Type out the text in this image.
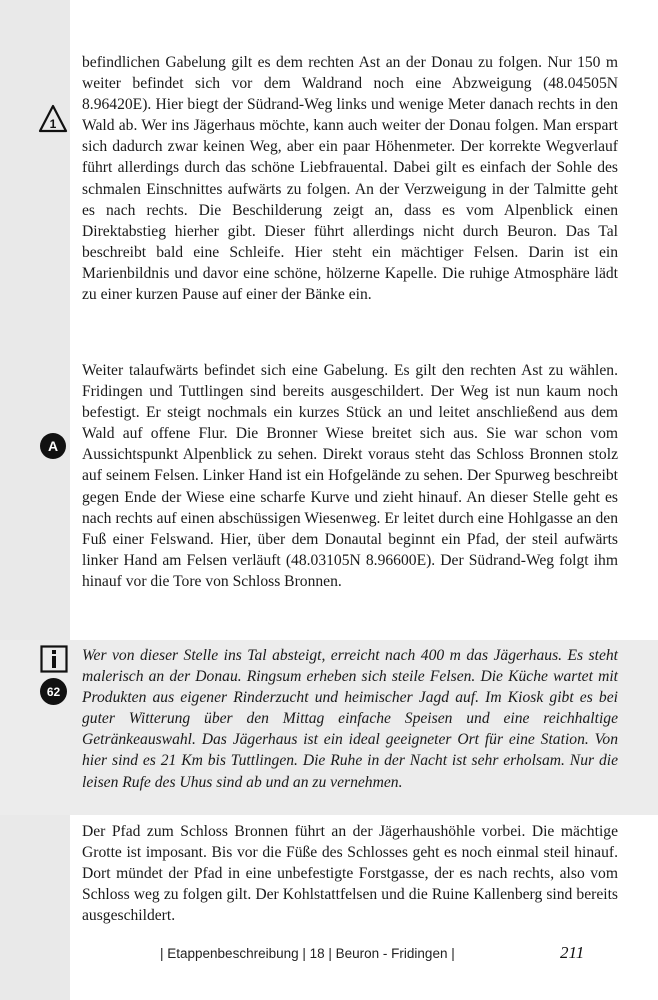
befindlichen Gabelung gilt es dem rechten Ast an der Donau zu folgen. Nur 150 m weiter befindet sich vor dem Waldrand noch eine Abzweigung (48.04505N 8.96420E). Hier biegt der Südrand-Weg links und wenige Meter danach rechts in den Wald ab. Wer ins Jägerhaus möchte, kann auch weiter der Donau folgen. Man erspart sich dadurch zwar keinen Weg, aber ein paar Höhenmeter. Der korrekte Wegverlauf führt allerdings durch das schöne Liebfrauental. Dabei gilt es einfach der Sohle des schmalen Einschnittes aufwärts zu folgen. An der Verzweigung in der Talmitte geht es nach rechts. Die Beschilderung zeigt an, dass es vom Alpenblick einen Direktabstieg hierher gibt. Dieser führt allerdings nicht durch Beuron. Das Tal beschreibt bald eine Schleife. Hier steht ein mächtiger Felsen. Darin ist ein Marienbildnis und davor eine schöne, hölzerne Kapelle. Die ruhige Atmosphäre lädt zu einer kurzen Pause auf einer der Bänke ein.

1

Weiter talaufwärts befindet sich eine Gabelung. Es gilt den rechten Ast zu wählen. Fridingen und Tuttlingen sind bereits ausgeschildert. Der Weg ist nun kaum noch befestigt. Er steigt nochmals ein kurzes Stück an und leitet anschließend aus dem Wald auf offene Flur. Die Bronner Wiese breitet sich aus. Sie war schon vom Aussichtspunkt Alpenblick zu sehen. Direkt voraus steht das Schloss Bronnen stolz auf seinem Felsen. Linker Hand ist ein Hofgelände zu sehen. Der Spurweg beschreibt gegen Ende der Wiese eine scharfe Kurve und zieht hinauf. An dieser Stelle geht es nach rechts auf einen abschüssigen Wiesenweg. Er leitet durch eine Hohlgasse an den Fuß einer Felswand. Hier, über dem Donautal beginnt ein Pfad, der steil aufwärts linker Hand am Felsen verläuft (48.03105N 8.96600E). Der Südrand-Weg folgt ihm hinauf vor die Tore von Schloss Bronnen.

A
62

Wer von dieser Stelle ins Tal absteigt, erreicht nach 400 m das Jägerhaus. Es steht malerisch an der Donau. Ringsum erheben sich steile Felsen. Die Küche wartet mit Produkten aus eigener Rinderzucht und heimischer Jagd auf. Im Kiosk gibt es bei guter Witterung über den Mittag einfache Speisen und eine reichhaltige Getränkeauswahl. Das Jägerhaus ist ein ideal geeigneter Ort für eine Station. Von hier sind es 21 Km bis Tuttlingen. Die Ruhe in der Nacht ist sehr erholsam. Nur die leisen Rufe des Uhus sind ab und an zu vernehmen.

Der Pfad zum Schloss Bronnen führt an der Jägerhaushöhle vorbei. Die mächtige Grotte ist imposant. Bis vor die Füße des Schlosses geht es noch einmal steil hinauf. Dort mündet der Pfad in eine unbefestigte Forstgasse, der es nach rechts, also vom Schloss weg zu folgen gilt. Der Kohlstattfelsen und die Ruine Kallenberg sind bereits ausgeschildert.

| Etappenbeschreibung | 18 | Beuron - Fridingen |	211
